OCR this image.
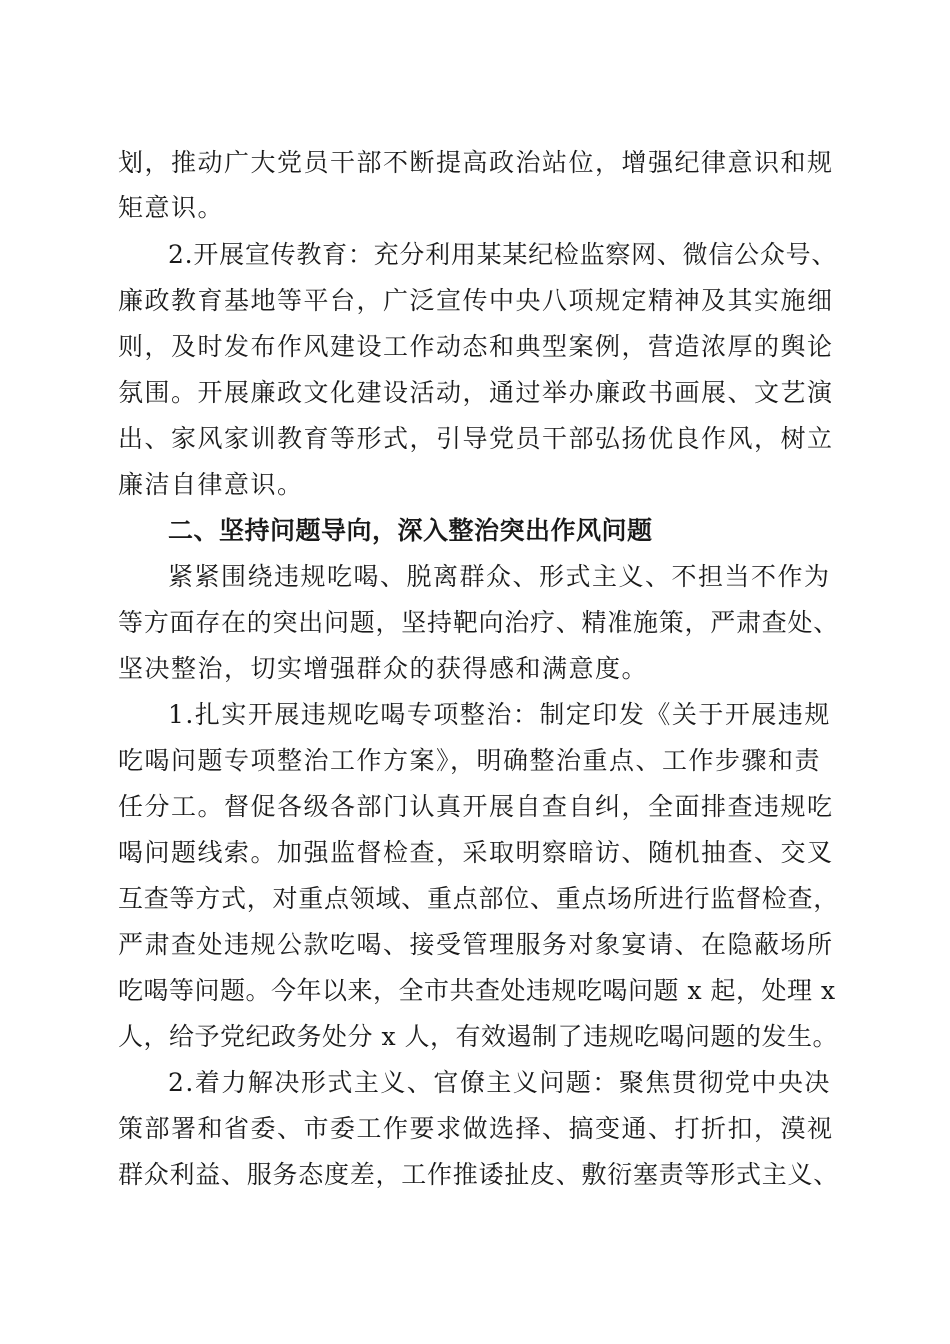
划，推动广大党员干部不断提高政治站位，增强纪律意识和规
矩意识。
2.开展宣传教育：充分利用某某纪检监察网、微信公众号、
廉政教育基地等平台，广泛宣传中央八项规定精神及其实施细
则，及时发布作风建设工作动态和典型案例，营造浓厚的舆论
氛围。开展廉政文化建设活动，通过举办廉政书画展、文艺演
出、家风家训教育等形式，引导党员干部弘扬优良作风，树立
廉洁自律意识。
二、坚持问题导向，深入整治突出作风问题
紧紧围绕违规吃喝、脱离群众、形式主义、不担当不作为
等方面存在的突出问题，坚持靶向治疗、精准施策，严肃查处、
坚决整治，切实增强群众的获得感和满意度。
1.扎实开展违规吃喝专项整治：制定印发《关于开展违规
吃喝问题专项整治工作方案》，明确整治重点、工作步骤和责
任分工。督促各级各部门认真开展自查自纠，全面排查违规吃
喝问题线索。加强监督检查，采取明察暗访、随机抽查、交叉
互查等方式，对重点领域、重点部位、重点场所进行监督检查，
严肃查处违规公款吃喝、接受管理服务对象宴请、在隐蔽场所
吃喝等问题。今年以来，全市共查处违规吃喝问题 x 起，处理 x
人，给予党纪政务处分 x 人，有效遏制了违规吃喝问题的发生。
2.着力解决形式主义、官僚主义问题：聚焦贯彻党中央决
策部署和省委、市委工作要求做选择、搞变通、打折扣，漠视
群众利益、服务态度差，工作推诿扯皮、敷衍塞责等形式主义、
